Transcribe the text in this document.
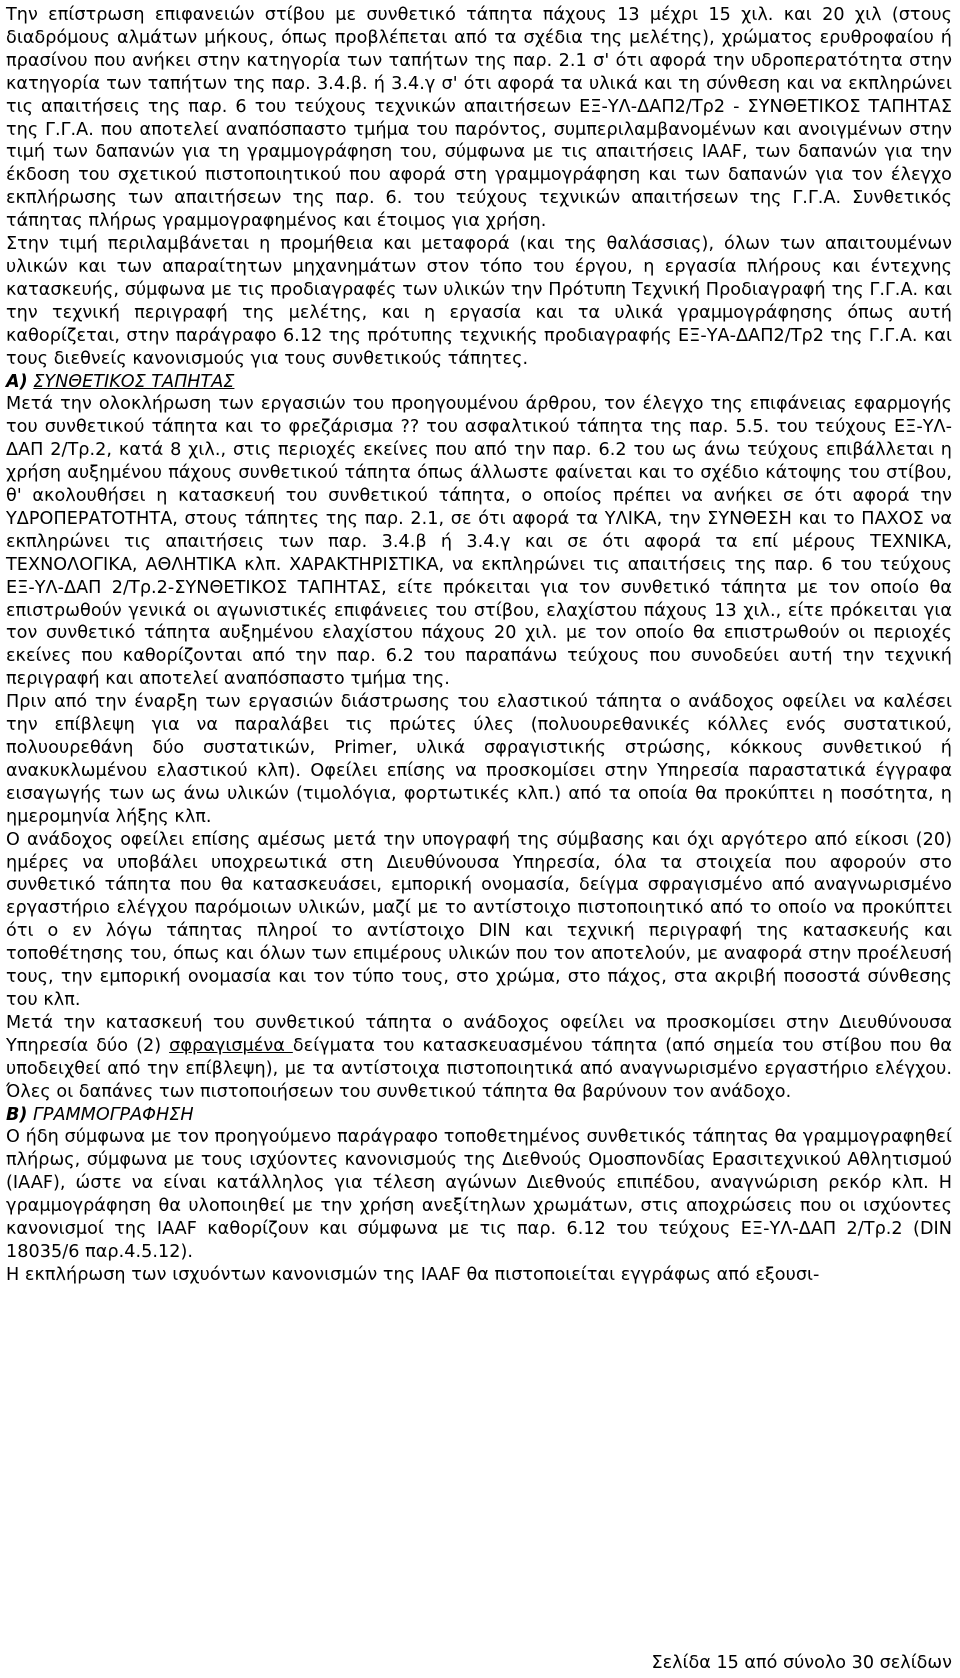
Την επίστρωση επιφανειών στίβου με συνθετικό τάπητα πάχους 13 μέχρι 15 χιλ. και 20 χιλ (στους διαδρόμους αλμάτων μήκους, όπως προβλέπεται από τα σχέδια της μελέτης), χρώματος ερυθροφαίου ή πρασίνου που ανήκει στην κατηγορία των ταπήτων της παρ. 2.1 σ' ότι αφορά την υδροπερατότητα στην κατηγορία των ταπήτων της παρ. 3.4.β. ή 3.4.γ σ' ότι αφορά τα υλικά και τη σύνθεση και να εκπληρώνει τις απαιτήσεις της παρ. 6 του τεύχους τεχνικών απαιτήσεων ΕΞ-ΥΛ-ΔΑΠ2/Τρ2 - ΣΥΝΘΕΤΙΚΟΣ ΤΑΠΗΤΑΣ της Γ.Γ.Α. που αποτελεί αναπόσπαστο τμήμα του παρόντος, συμπεριλαμβανομένων και ανοιγμένων στην τιμή των δαπανών για τη γραμμογράφηση του, σύμφωνα με τις απαιτήσεις IAAF, των δαπανών για την έκδοση του σχετικού πιστοποιητικού που αφορά στη γραμμογράφηση και των δαπανών για τον έλεγχο εκπλήρωσης των απαιτήσεων της παρ. 6. του τεύχους τεχνικών απαιτήσεων της Γ.Γ.Α. Συνθετικός τάπητας πλήρως γραμμογραφημένος και έτοιμος για χρήση.

Στην τιμή περιλαμβάνεται η προμήθεια και μεταφορά (και της θαλάσσιας), όλων των απαιτουμένων υλικών και των απαραίτητων μηχανημάτων στον τόπο του έργου, η εργασία πλήρους και έντεχνης κατασκευής, σύμφωνα με τις προδιαγραφές των υλικών την Πρότυπη Τεχνική Προδιαγραφή της Γ.Γ.Α. και την τεχνική περιγραφή της μελέτης, και η εργασία και τα υλικά γραμμογράφησης όπως αυτή καθορίζεται, στην παράγραφο 6.12 της πρότυπης τεχνικής προδιαγραφής ΕΞ-ΥΑ-ΔΑΠ2/Τρ2 της Γ.Γ.Α. και τους διεθνείς κανονισμούς για τους συνθετικούς τάπητες.

Α) ΣΥΝΘΕΤΙΚΟΣ ΤΑΠΗΤΑΣ

Μετά την ολοκλήρωση των εργασιών του προηγουμένου άρθρου, τον έλεγχο της επιφάνειας εφαρμογής του συνθετικού τάπητα και το φρεζάρισμα ?? του ασφαλτικού τάπητα της παρ. 5.5. του τεύχους ΕΞ-ΥΛ-ΔΑΠ 2/Τρ.2, κατά 8 χιλ., στις περιοχές εκείνες που από την παρ. 6.2 του ως άνω τεύχους επιβάλλεται η χρήση αυξημένου πάχους συνθετικού τάπητα όπως άλλωστε φαίνεται και το σχέδιο κάτοψης του στίβου, θ' ακολουθήσει η κατασκευή του συνθετικού τάπητα, ο οποίος πρέπει να ανήκει σε ότι αφορά την ΥΔΡΟΠΕΡΑΤΟΤΗΤΑ, στους τάπητες της παρ. 2.1, σε ότι αφορά τα ΥΛΙΚΑ, την ΣΥΝΘΕΣΗ και το ΠΑΧΟΣ να εκπληρώνει τις απαιτήσεις των παρ. 3.4.β ή 3.4.γ και σε ότι αφορά τα επί μέρους ΤΕΧΝΙΚΑ, ΤΕΧΝΟΛΟΓΙΚΑ, ΑΘΛΗΤΙΚΑ κλπ. ΧΑΡΑΚΤΗΡΙΣΤΙΚΑ, να εκπληρώνει τις απαιτήσεις της παρ. 6 του τεύχους ΕΞ-ΥΛ-ΔΑΠ 2/Τρ.2-ΣΥΝΘΕΤΙΚΟΣ ΤΑΠΗΤΑΣ, είτε πρόκειται για τον συνθετικό τάπητα με τον οποίο θα επιστρωθούν γενικά οι αγωνιστικές επιφάνειες του στίβου, ελαχίστου πάχους 13 χιλ., είτε πρόκειται για τον συνθετικό τάπητα αυξημένου ελαχίστου πάχους 20 χιλ. με τον οποίο θα επιστρωθούν οι περιοχές εκείνες που καθορίζονται από την παρ. 6.2 του παραπάνω τεύχους που συνοδεύει αυτή την τεχνική περιγραφή και αποτελεί αναπόσπαστο τμήμα της.

Πριν από την έναρξη των εργασιών διάστρωσης του ελαστικού τάπητα ο ανάδοχος οφείλει να καλέσει την επίβλεψη για να παραλάβει τις πρώτες ύλες (πολυουρεθανικές κόλλες ενός συστατικού, πολυουρεθάνη δύο συστατικών, Primer, υλικά σφραγιστικής στρώσης, κόκκους συνθετικού ή ανακυκλωμένου ελαστικού κλπ). Οφείλει επίσης να προσκομίσει στην Υπηρεσία παραστατικά έγγραφα εισαγωγής των ως άνω υλικών (τιμολόγια, φορτωτικές κλπ.) από τα οποία θα προκύπτει η ποσότητα, η ημερομηνία λήξης κλπ.

Ο ανάδοχος οφείλει επίσης αμέσως μετά την υπογραφή της σύμβασης και όχι αργότερο από είκοσι (20) ημέρες να υποβάλει υποχρεωτικά στη Διευθύνουσα Υπηρεσία, όλα τα στοιχεία που αφορούν στο συνθετικό τάπητα που θα κατασκευάσει, εμπορική ονομασία, δείγμα σφραγισμένο από αναγνωρισμένο εργαστήριο ελέγχου παρόμοιων υλικών, μαζί με το αντίστοιχο πιστοποιητικό από το οποίο να προκύπτει ότι ο εν λόγω τάπητας πληροί το αντίστοιχο DIN και τεχνική περιγραφή της κατασκευής και τοποθέτησης του, όπως και όλων των επιμέρους υλικών που τον αποτελούν, με αναφορά στην προέλευσή τους, την εμπορική ονομασία και τον τύπο τους, στο χρώμα, στο πάχος, στα ακριβή ποσοστά σύνθεσης του κλπ.

Μετά την κατασκευή του συνθετικού τάπητα ο ανάδοχος οφείλει να προσκομίσει στην Διευθύνουσα Υπηρεσία δύο (2) σφραγισμένα δείγματα του κατασκευασμένου τάπητα (από σημεία του στίβου που θα υποδειχθεί από την επίβλεψη), με τα αντίστοιχα πιστοποιητικά από αναγνωρισμένο εργαστήριο ελέγχου. Όλες οι δαπάνες των πιστοποιήσεων του συνθετικού τάπητα θα βαρύνουν τον ανάδοχο.

Β) ΓΡΑΜΜΟΓΡΑΦΗΣΗ

Ο ήδη σύμφωνα με τον προηγούμενο παράγραφο τοποθετημένος συνθετικός τάπητας θα γραμμογραφηθεί πλήρως, σύμφωνα με τους ισχύοντες κανονισμούς της Διεθνούς Ομοσπονδίας Ερασιτεχνικού Αθλητισμού (IAAF), ώστε να είναι κατάλληλος για τέλεση αγώνων Διεθνούς επιπέδου, αναγνώριση ρεκόρ κλπ. Η γραμμογράφηση θα υλοποιηθεί με την χρήση ανεξίτηλων χρωμάτων, στις αποχρώσεις που οι ισχύοντες κανονισμοί της IAAF καθορίζουν και σύμφωνα με τις παρ. 6.12 του τεύχους ΕΞ-ΥΛ-ΔΑΠ 2/Τρ.2 (DIN 18035/6 παρ.4.5.12).

Η εκπλήρωση των ισχυόντων κανονισμών της IAAF θα πιστοποιείται εγγράφως από εξουσι-

Σελίδα 15 από σύνολο 30 σελίδων
